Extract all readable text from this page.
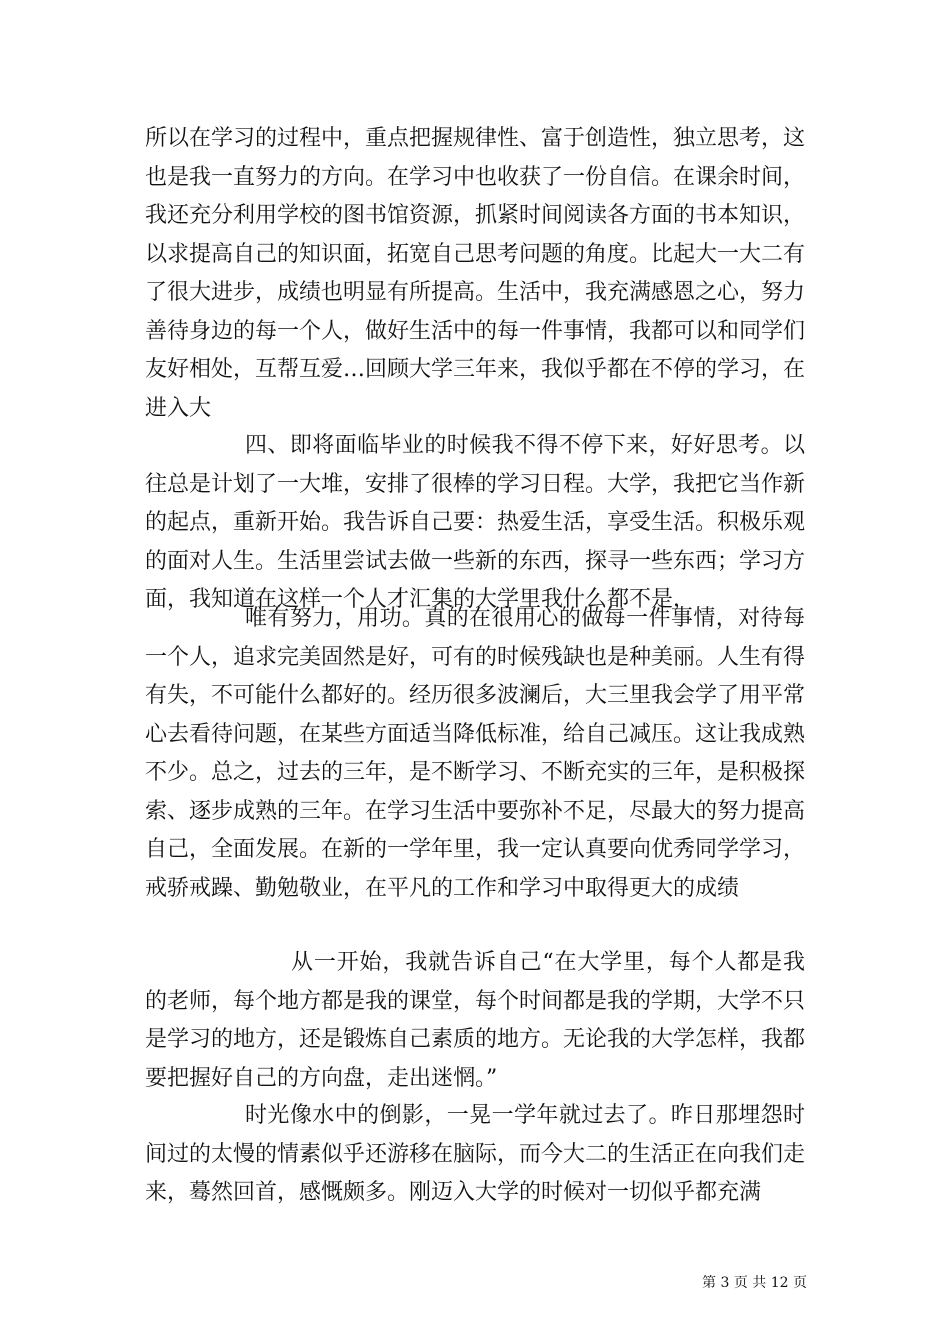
所以在学习的过程中，重点把握规律性、富于创造性，独立思考，这也是我一直努力的方向。在学习中也收获了一份自信。在课余时间，我还充分利用学校的图书馆资源，抓紧时间阅读各方面的书本知识，以求提高自己的知识面，拓宽自己思考问题的角度。比起大一大二有了很大进步，成绩也明显有所提高。生活中，我充满感恩之心，努力善待身边的每一个人，做好生活中的每一件事情，我都可以和同学们友好相处，互帮互爱…回顾大学三年来，我似乎都在不停的学习，在进入大

四、即将面临毕业的时候我不得不停下来，好好思考。以往总是计划了一大堆，安排了很棒的学习日程。大学，我把它当作新的起点，重新开始。我告诉自己要：热爱生活，享受生活。积极乐观的面对人生。生活里尝试去做一些新的东西，探寻一些东西；学习方面，我知道在这样一个人才汇集的大学里我什么都不是，

唯有努力，用功。真的在很用心的做每一件事情，对待每一个人，追求完美固然是好，可有的时候残缺也是种美丽。人生有得有失，不可能什么都好的。经历很多波澜后，大三里我会学了用平常心去看待问题，在某些方面适当降低标准，给自己减压。这让我成熟不少。总之，过去的三年，是不断学习、不断充实的三年，是积极探索、逐步成熟的三年。在学习生活中要弥补不足，尽最大的努力提高自己，全面发展。在新的一学年里，我一定认真要向优秀同学学习，戒骄戒躁、勤勉敬业，在平凡的工作和学习中取得更大的成绩

从一开始，我就告诉自己“在大学里，每个人都是我的老师，每个地方都是我的课堂，每个时间都是我的学期，大学不只是学习的地方，还是锻炼自己素质的地方。无论我的大学怎样，我都要把握好自己的方向盘，走出迷惘。”

时光像水中的倒影，一晃一学年就过去了。昨日那埋怨时间过的太慢的情素似乎还游移在脑际，而今大二的生活正在向我们走来，蓦然回首，感慨颇多。刚迈入大学的时候对一切似乎都充满

第 3 页 共 12 页
